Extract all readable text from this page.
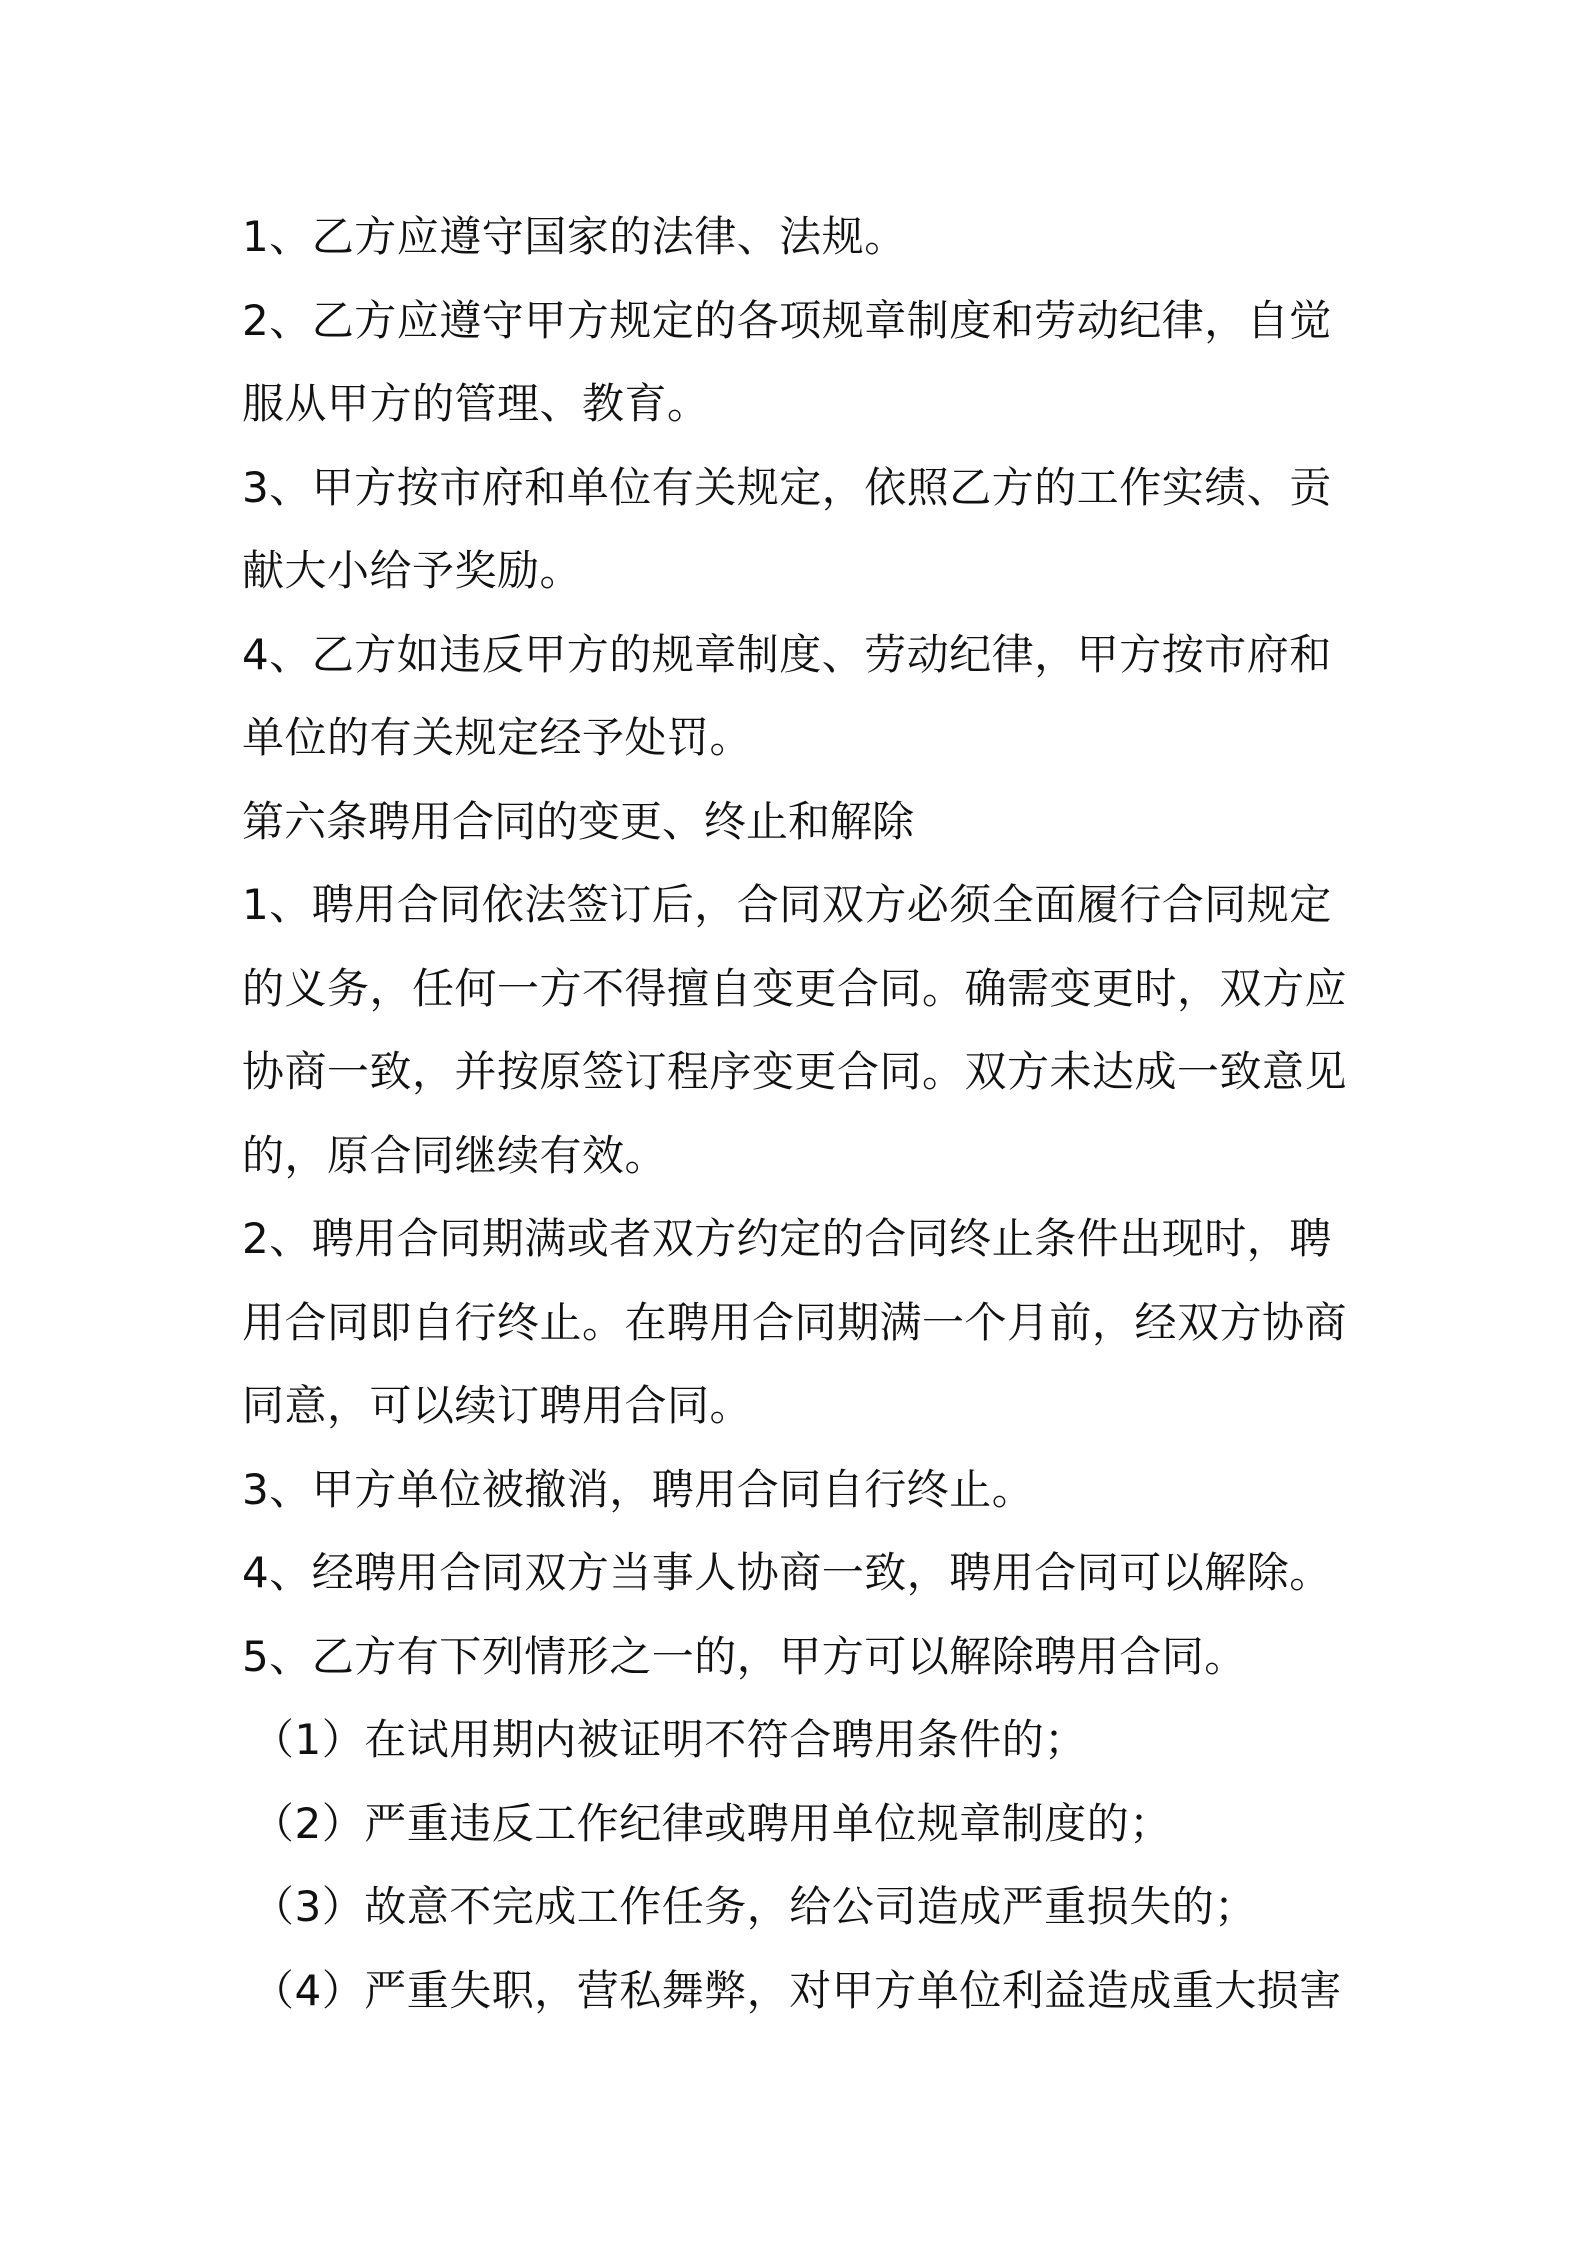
1、乙方应遵守国家的法律、法规。
2、乙方应遵守甲方规定的各项规章制度和劳动纪律，自觉
服从甲方的管理、教育。
3、甲方按市府和单位有关规定，依照乙方的工作实绩、贡
献大小给予奖励。
4、乙方如违反甲方的规章制度、劳动纪律，甲方按市府和
单位的有关规定经予处罚。
第六条聘用合同的变更、终止和解除
1、聘用合同依法签订后，合同双方必须全面履行合同规定
的义务，任何一方不得擅自变更合同。确需变更时，双方应
协商一致，并按原签订程序变更合同。双方未达成一致意见
的，原合同继续有效。
2、聘用合同期满或者双方约定的合同终止条件出现时，聘
用合同即自行终止。在聘用合同期满一个月前，经双方协商
同意，可以续订聘用合同。
3、甲方单位被撤消，聘用合同自行终止。
4、经聘用合同双方当事人协商一致，聘用合同可以解除。
5、乙方有下列情形之一的，甲方可以解除聘用合同。
（1）在试用期内被证明不符合聘用条件的；
（2）严重违反工作纪律或聘用单位规章制度的；
（3）故意不完成工作任务，给公司造成严重损失的；
（4）严重失职，营私舞弊，对甲方单位利益造成重大损害
